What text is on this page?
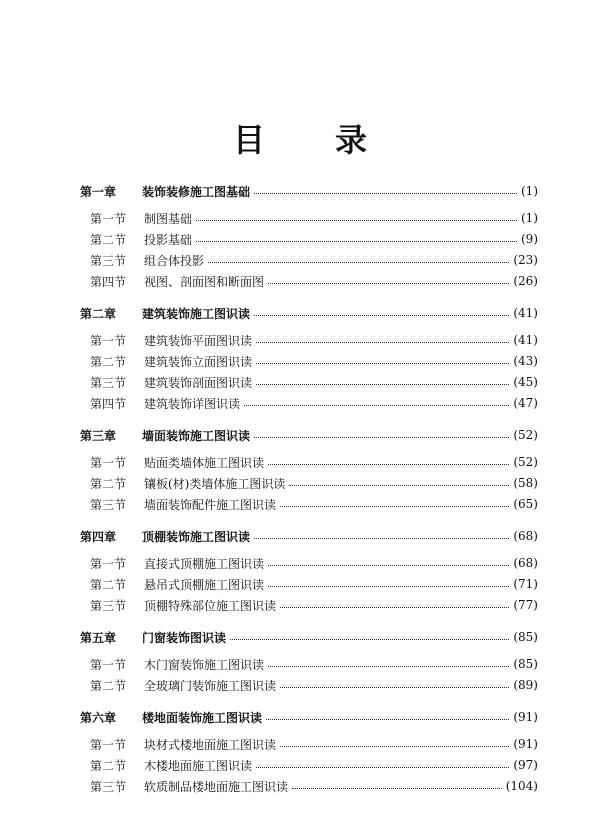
目 录
第一章	装饰装修施工图基础	(1)
第一节	制图基础	(1)
第二节	投影基础	(9)
第三节	组合体投影	(23)
第四节	视图、剖面图和断面图	(26)
第二章	建筑装饰施工图识读	(41)
第一节	建筑装饰平面图识读	(41)
第二节	建筑装饰立面图识读	(43)
第三节	建筑装饰剖面图识读	(45)
第四节	建筑装饰详图识读	(47)
第三章	墙面装饰施工图识读	(52)
第一节	贴面类墙体施工图识读	(52)
第二节	镶板(材)类墙体施工图识读	(58)
第三节	墙面装饰配件施工图识读	(65)
第四章	顶棚装饰施工图识读	(68)
第一节	直接式顶棚施工图识读	(68)
第二节	悬吊式顶棚施工图识读	(71)
第三节	顶棚特殊部位施工图识读	(77)
第五章	门窗装饰图识读	(85)
第一节	木门窗装饰施工图识读	(85)
第二节	全玻璃门装饰施工图识读	(89)
第六章	楼地面装饰施工图识读	(91)
第一节	块材式楼地面施工图识读	(91)
第二节	木楼地面施工图识读	(97)
第三节	软质制品楼地面施工图识读	(104)
